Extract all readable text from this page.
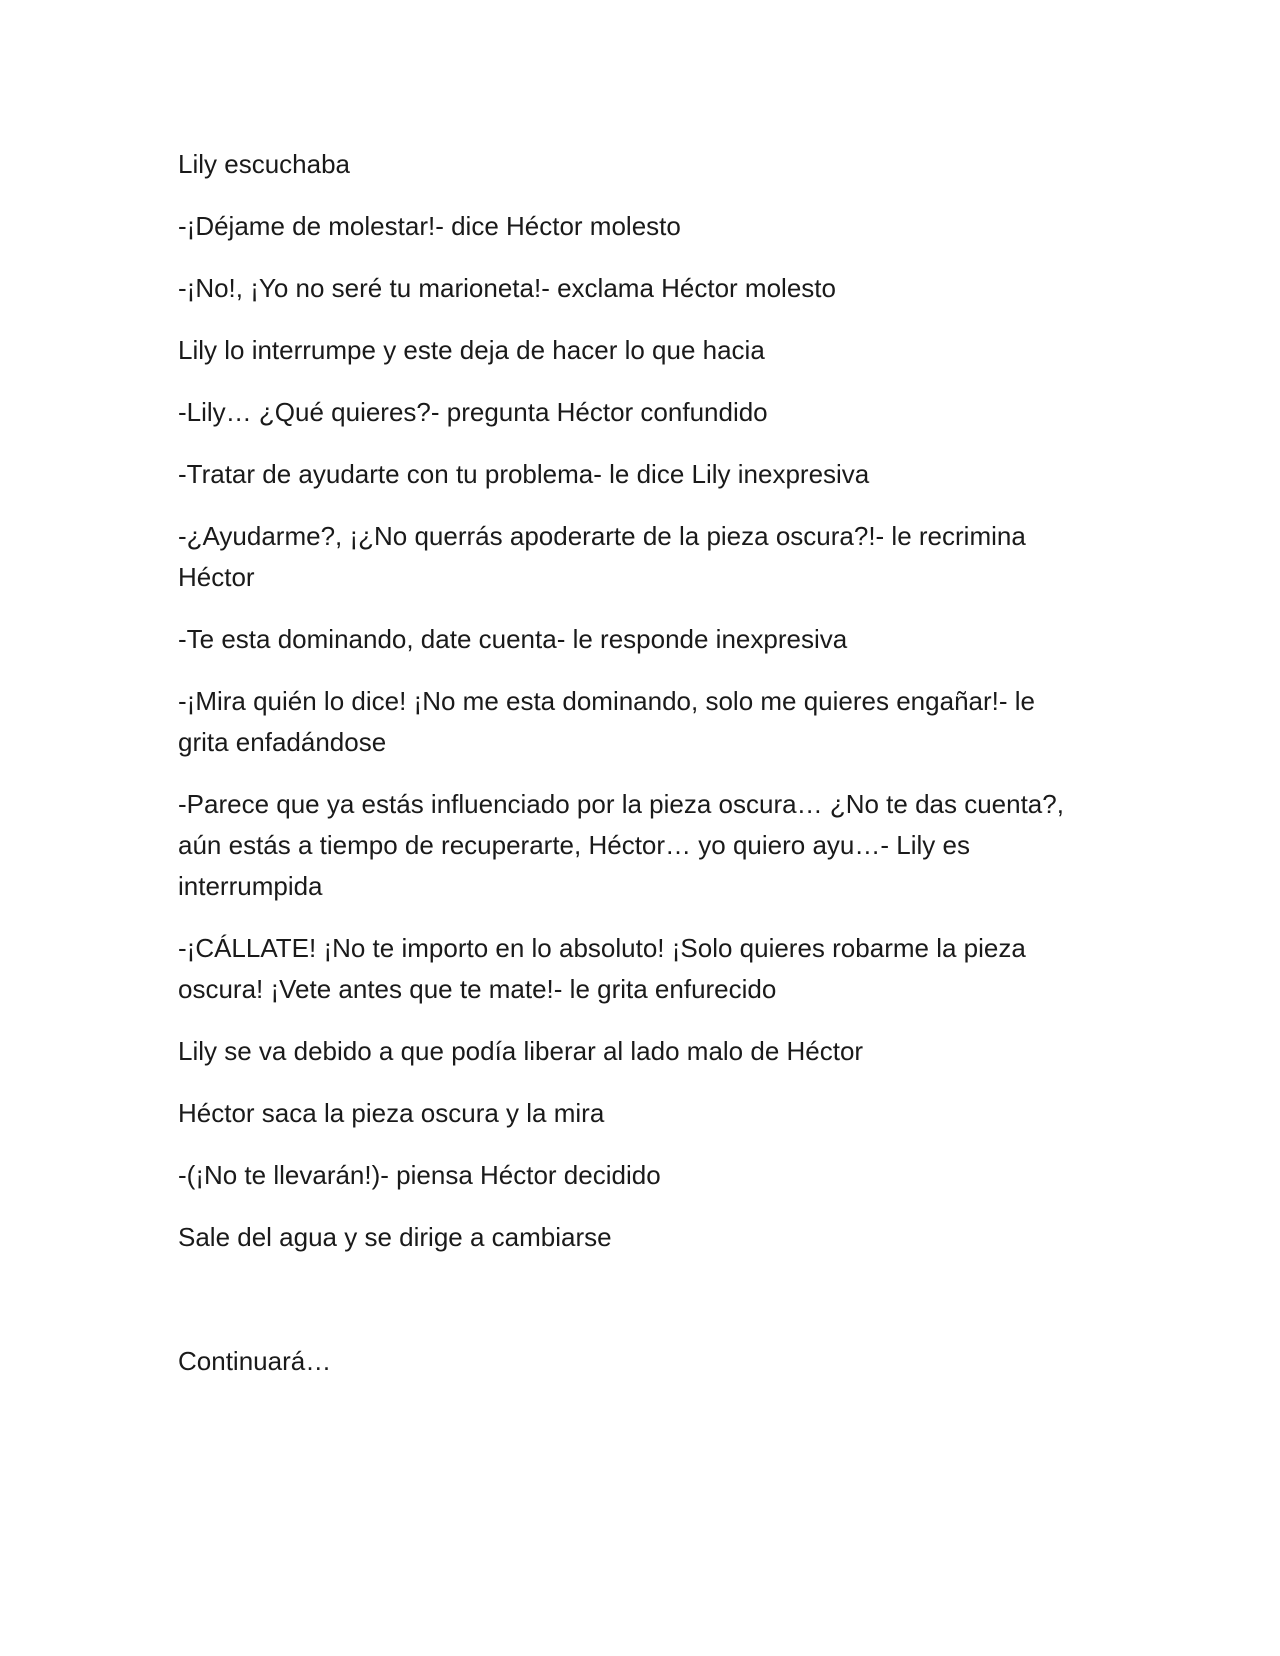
Lily escuchaba

-¡Déjame de molestar!- dice Héctor molesto

-¡No!, ¡Yo no seré tu marioneta!- exclama Héctor molesto

Lily lo interrumpe y este deja de hacer lo que hacia

-Lily… ¿Qué quieres?- pregunta Héctor confundido

-Tratar de ayudarte con tu problema- le dice Lily inexpresiva

-¿Ayudarme?, ¡¿No querrás apoderarte de la pieza oscura?!- le recrimina Héctor

-Te esta dominando, date cuenta- le responde inexpresiva

-¡Mira quién lo dice! ¡No me esta dominando, solo me quieres engañar!- le grita enfadándose

-Parece que ya estás influenciado por la pieza oscura… ¿No te das cuenta?, aún estás a tiempo de recuperarte, Héctor… yo quiero ayu…- Lily es interrumpida

-¡CÁLLATE! ¡No te importo en lo absoluto! ¡Solo quieres robarme la pieza oscura! ¡Vete antes que te mate!- le grita enfurecido

Lily se va debido a que podía liberar al lado malo de Héctor

Héctor saca la pieza oscura y la mira

-(¡No te llevarán!)- piensa Héctor decidido

Sale del agua y se dirige a cambiarse

Continuará…
